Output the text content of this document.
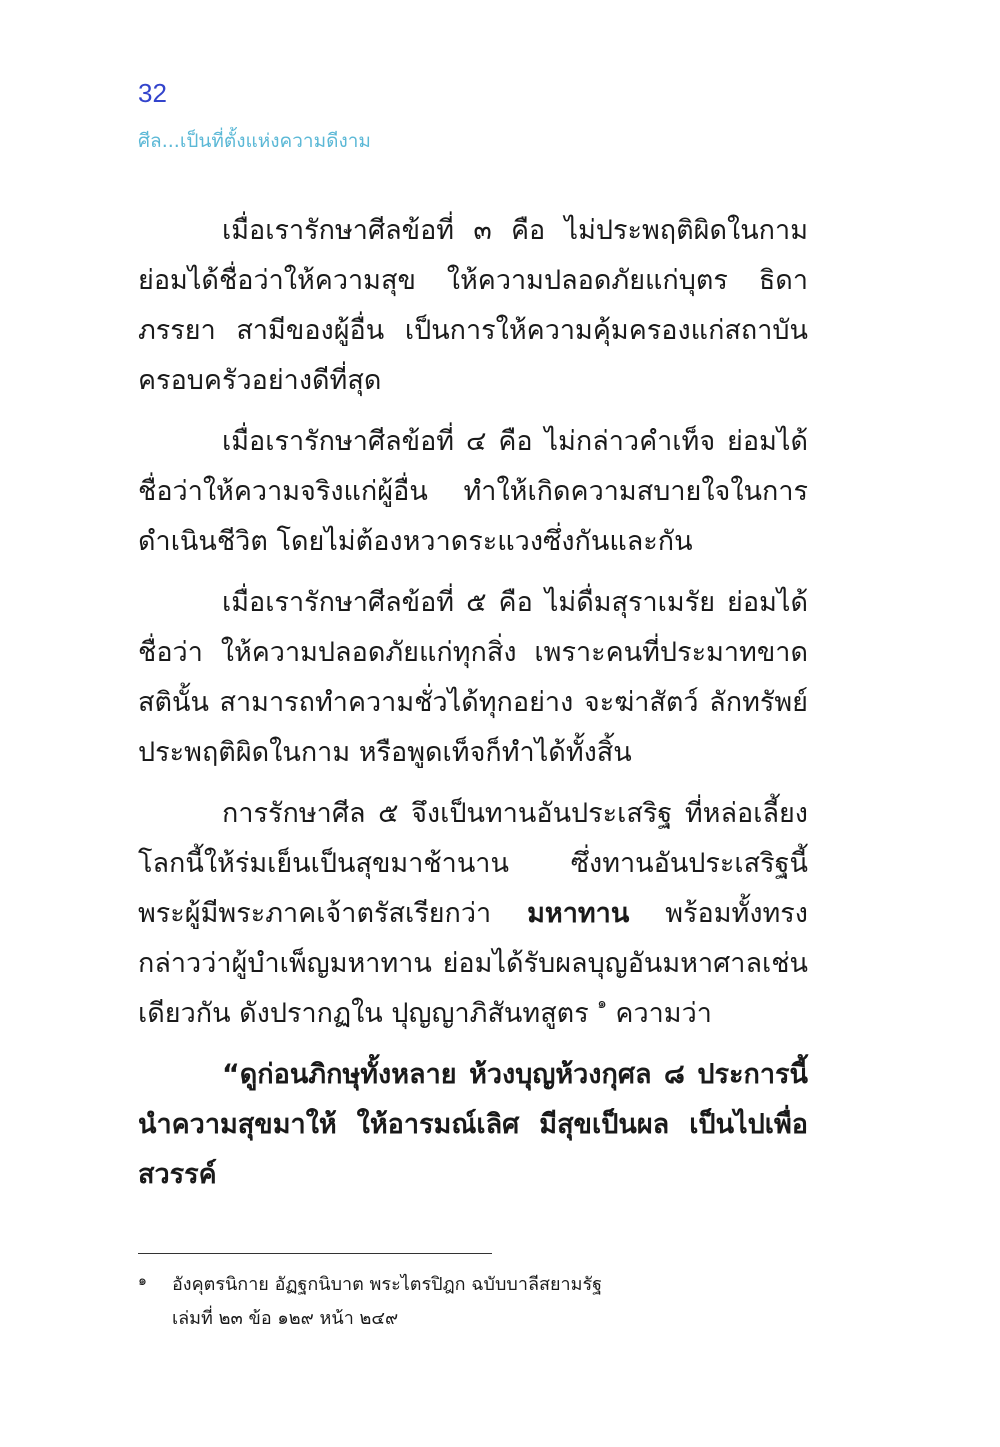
32
ศีล...เป็นที่ตั้งแห่งความดีงาม

เมื่อเรารักษาศีลข้อที่ ๓ คือ ไม่ประพฤติผิดในกาม ย่อมได้ชื่อว่าให้ความสุข ให้ความปลอดภัยแก่บุตร ธิดา ภรรยา สามีของผู้อื่น เป็นการให้ความคุ้มครองแก่สถาบันครอบครัวอย่างดีที่สุด

เมื่อเรารักษาศีลข้อที่ ๔ คือ ไม่กล่าวคำเท็จ ย่อมได้ชื่อว่าให้ความจริงแก่ผู้อื่น ทำให้เกิดความสบายใจในการดำเนินชีวิต โดยไม่ต้องหวาดระแวงซึ่งกันและกัน

เมื่อเรารักษาศีลข้อที่ ๕ คือ ไม่ดื่มสุราเมรัย ย่อมได้ชื่อว่า ให้ความปลอดภัยแก่ทุกสิ่ง เพราะคนที่ประมาทขาดสตินั้น สามารถทำความชั่วได้ทุกอย่าง จะฆ่าสัตว์ ลักทรัพย์ ประพฤติผิดในกาม หรือพูดเท็จก็ทำได้ทั้งสิ้น

การรักษาศีล ๕ จึงเป็นทานอันประเสริฐ ที่หล่อเลี้ยงโลกนี้ให้ร่มเย็นเป็นสุขมาช้านาน ซึ่งทานอันประเสริฐนี้ พระผู้มีพระภาคเจ้าตรัสเรียกว่า มหาทาน พร้อมทั้งทรงกล่าวว่าผู้บำเพ็ญมหาทาน ย่อมได้รับผลบุญอันมหาศาลเช่นเดียวกัน ดังปรากฏใน ปุญญาภิสันทสูตร $^๑$ ความว่า

“ดูก่อนภิกษุทั้งหลาย ห้วงบุญห้วงกุศล ๘ ประการนี้ นำความสุขมาให้ ให้อารมณ์เลิศ มีสุขเป็นผล เป็นไปเพื่อสวรรค์

๑ อังคุตรนิกาย อัฏฐกนิบาต พระไตรปิฎก ฉบับบาลีสยามรัฐ
เล่มที่ ๒๓ ข้อ ๑๒๙ หน้า ๒๔๙
